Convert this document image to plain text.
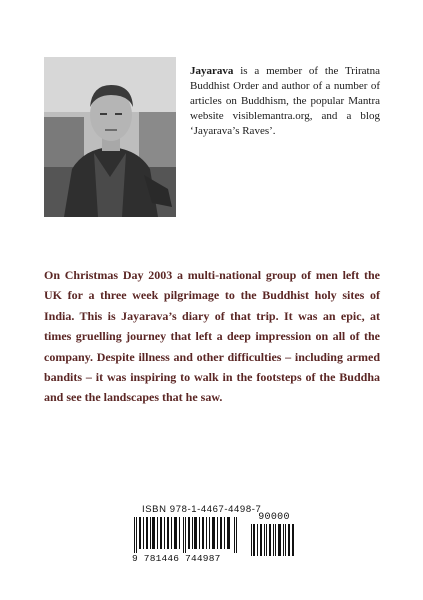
Jayarava is a member of the Triratna Buddhist Order and author of a number of articles on Buddhism, the popular Mantra website visiblemantra.org, and a blog ‘Jayarava’s Raves’.

On Christmas Day 2003 a multi-national group of men left the UK for a three week pilgrimage to the Buddhist holy sites of India. This is Jayarava’s diary of that trip. It was an epic, at times gruelling journey that left a deep impression on all of the company. Despite illness and other difficulties – including armed bandits – it was inspiring to walk in the footsteps of the Buddha and see the landscapes that he saw.

ISBN 978-1-4467-4498-7
9 781446 744987
90000
